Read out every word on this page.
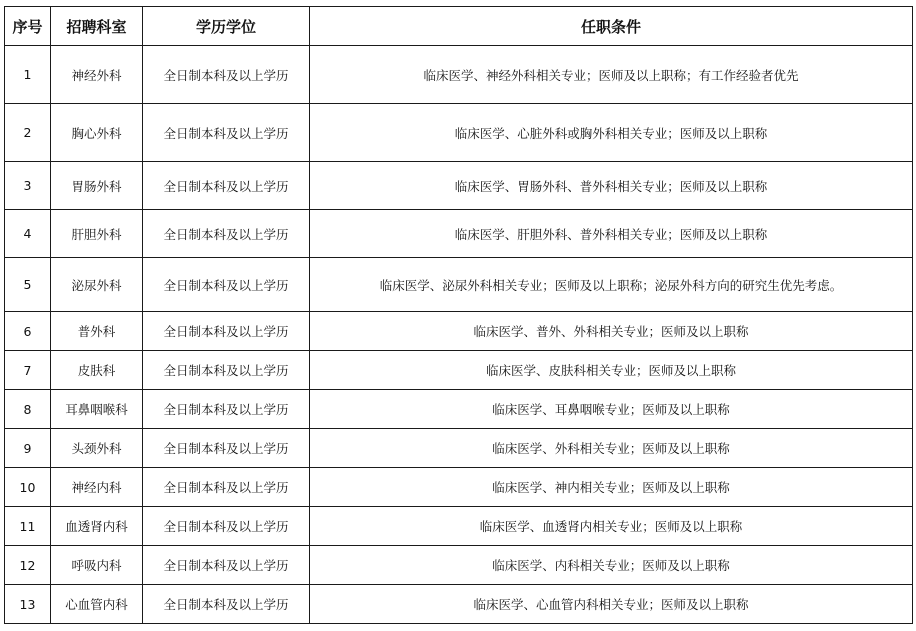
序号	招聘科室	学历学位	任职条件
1	神经外科	全日制本科及以上学历	临床医学、神经外科相关专业；医师及以上职称；有工作经验者优先
2	胸心外科	全日制本科及以上学历	临床医学、心脏外科或胸外科相关专业；医师及以上职称
3	胃肠外科	全日制本科及以上学历	临床医学、胃肠外科、普外科相关专业；医师及以上职称
4	肝胆外科	全日制本科及以上学历	临床医学、肝胆外科、普外科相关专业；医师及以上职称
5	泌尿外科	全日制本科及以上学历	临床医学、泌尿外科相关专业；医师及以上职称；泌尿外科方向的研究生优先考虑。
6	普外科	全日制本科及以上学历	临床医学、普外、外科相关专业；医师及以上职称
7	皮肤科	全日制本科及以上学历	临床医学、皮肤科相关专业；医师及以上职称
8	耳鼻咽喉科	全日制本科及以上学历	临床医学、耳鼻咽喉专业；医师及以上职称
9	头颈外科	全日制本科及以上学历	临床医学、外科相关专业；医师及以上职称
10	神经内科	全日制本科及以上学历	临床医学、神内相关专业；医师及以上职称
11	血透肾内科	全日制本科及以上学历	临床医学、血透肾内相关专业；医师及以上职称
12	呼吸内科	全日制本科及以上学历	临床医学、内科相关专业；医师及以上职称
13	心血管内科	全日制本科及以上学历	临床医学、心血管内科相关专业；医师及以上职称
